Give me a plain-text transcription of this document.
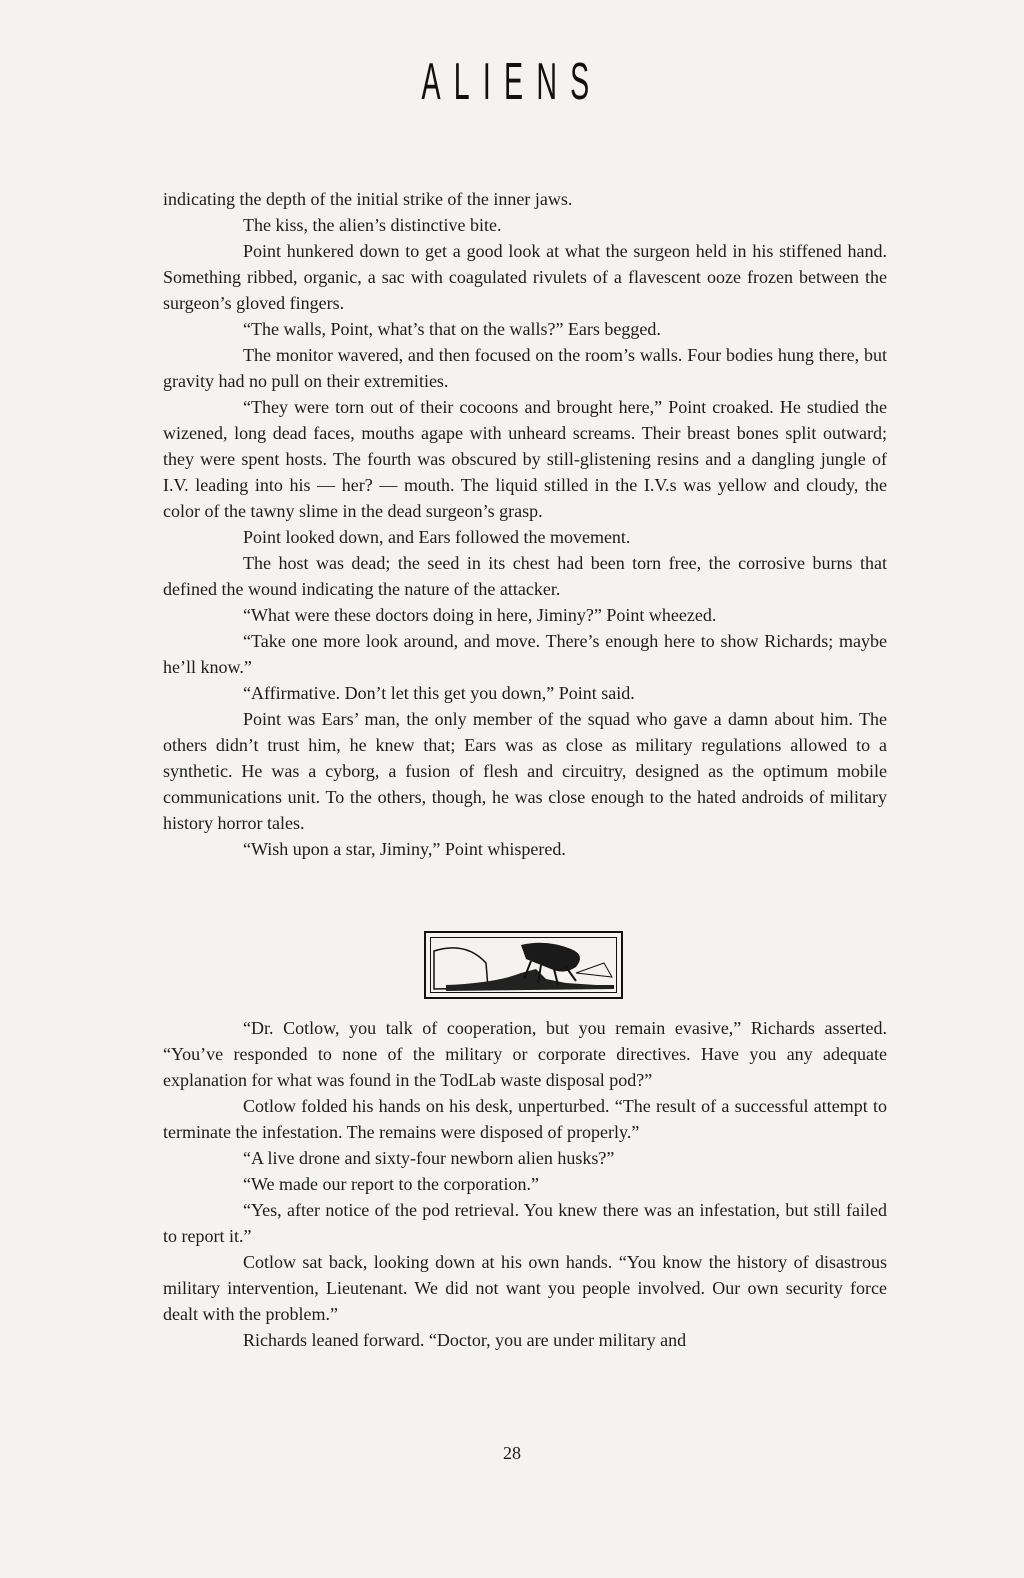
ALIENS

indicating the depth of the initial strike of the inner jaws.

The kiss, the alien’s distinctive bite.

Point hunkered down to get a good look at what the surgeon held in his stiffened hand. Something ribbed, organic, a sac with coagulated rivulets of a flavescent ooze frozen between the surgeon’s gloved fingers.

“The walls, Point, what’s that on the walls?” Ears begged.

The monitor wavered, and then focused on the room’s walls. Four bodies hung there, but gravity had no pull on their extremities.

“They were torn out of their cocoons and brought here,” Point croaked. He studied the wizened, long dead faces, mouths agape with unheard screams. Their breast bones split outward; they were spent hosts. The fourth was obscured by still-glistening resins and a dangling jungle of I.V. leading into his — her? — mouth. The liquid stilled in the I.V.s was yellow and cloudy, the color of the tawny slime in the dead surgeon’s grasp.

Point looked down, and Ears followed the movement.

The host was dead; the seed in its chest had been torn free, the corrosive burns that defined the wound indicating the nature of the attacker.

“What were these doctors doing in here, Jiminy?” Point wheezed.

“Take one more look around, and move. There’s enough here to show Richards; maybe he’ll know.”

“Affirmative. Don’t let this get you down,” Point said.

Point was Ears’ man, the only member of the squad who gave a damn about him. The others didn’t trust him, he knew that; Ears was as close as military regulations allowed to a synthetic. He was a cyborg, a fusion of flesh and circuitry, designed as the optimum mobile communications unit. To the others, though, he was close enough to the hated androids of military history horror tales.

“Wish upon a star, Jiminy,” Point whispered.

“Dr. Cotlow, you talk of cooperation, but you remain evasive,” Richards asserted. “You’ve responded to none of the military or corporate directives. Have you any adequate explanation for what was found in the TodLab waste disposal pod?”

Cotlow folded his hands on his desk, unperturbed. “The result of a successful attempt to terminate the infestation. The remains were disposed of properly.”

“A live drone and sixty-four newborn alien husks?”

“We made our report to the corporation.”

“Yes, after notice of the pod retrieval. You knew there was an infestation, but still failed to report it.”

Cotlow sat back, looking down at his own hands. “You know the history of disastrous military intervention, Lieutenant. We did not want you people involved. Our own security force dealt with the problem.”

Richards leaned forward. “Doctor, you are under military and

28
